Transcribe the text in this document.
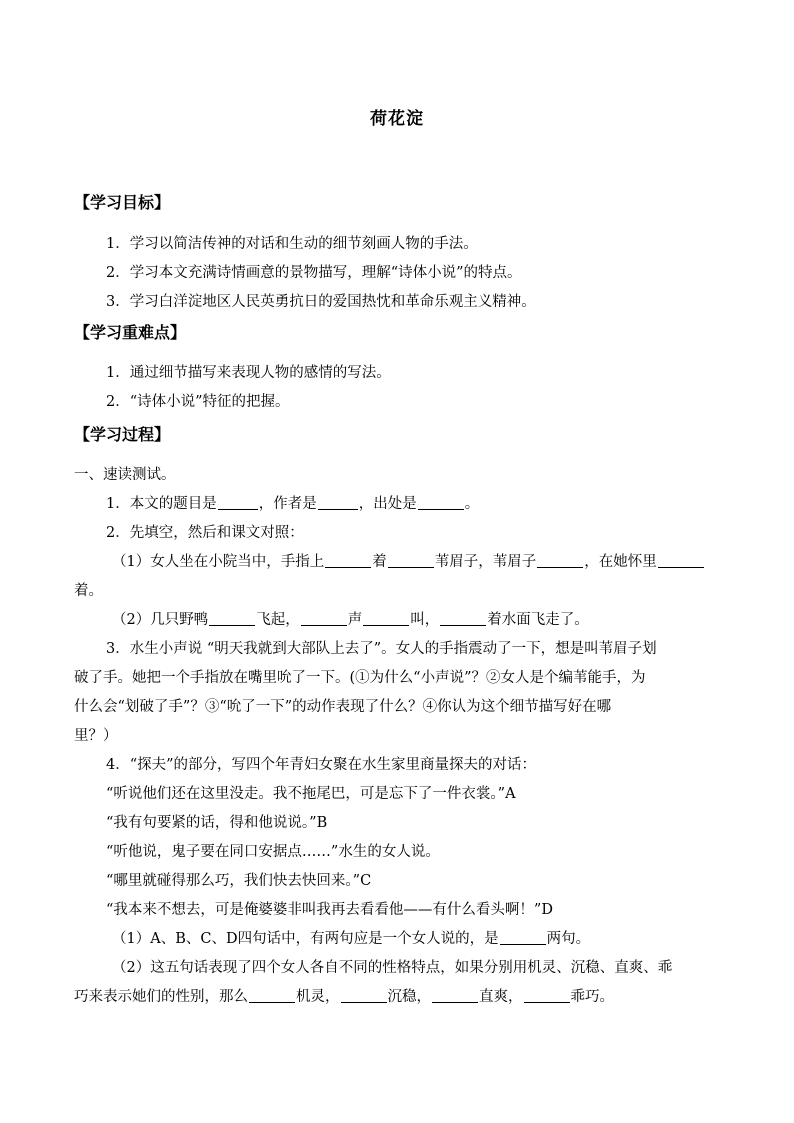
荷花淀
【学习目标】
1．学习以简洁传神的对话和生动的细节刻画人物的手法。
2．学习本文充满诗情画意的景物描写，理解“诗体小说”的特点。
3．学习白洋淀地区人民英勇抗日的爱国热忱和革命乐观主义精神。
【学习重难点】
1．通过细节描写来表现人物的感情的写法。
2．“诗体小说”特征的把握。
【学习过程】
一、速读测试。
1．本文的题目是	，作者是	，出处是	。
2．先填空，然后和课文对照：
（1）女人坐在小院当中，手指上	着	苇眉子，苇眉子	，在她怀里
着。
（2）几只野鸭	飞起，	声	叫，	着水面飞走了。
3．水生小声说 “明天我就到大部队上去了”。女人的手指震动了一下，想是叫苇眉子划
破了手。她把一个手指放在嘴里吮了一下。(①为什么“小声说”？②女人是个编苇能手，为
什么会“划破了手”？③“吮了一下”的动作表现了什么？④你认为这个细节描写好在哪
里？）
4．“探夫”的部分，写四个年青妇女聚在水生家里商量探夫的对话：
“听说他们还在这里没走。我不拖尾巴，可是忘下了一件衣裳。”A
“我有句要紧的话，得和他说说。”B
“听他说，鬼子要在同口安据点……”水生的女人说。
“哪里就碰得那么巧，我们快去快回来。”C
“我本来不想去，可是俺婆婆非叫我再去看看他——有什么看头啊！”D
（1）A、B、C、D四句话中，有两句应是一个女人说的，是	两句。
（2）这五句话表现了四个女人各自不同的性格特点，如果分别用机灵、沉稳、直爽、乖
巧来表示她们的性别，那么	机灵，	沉稳，	直爽，	乖巧。
